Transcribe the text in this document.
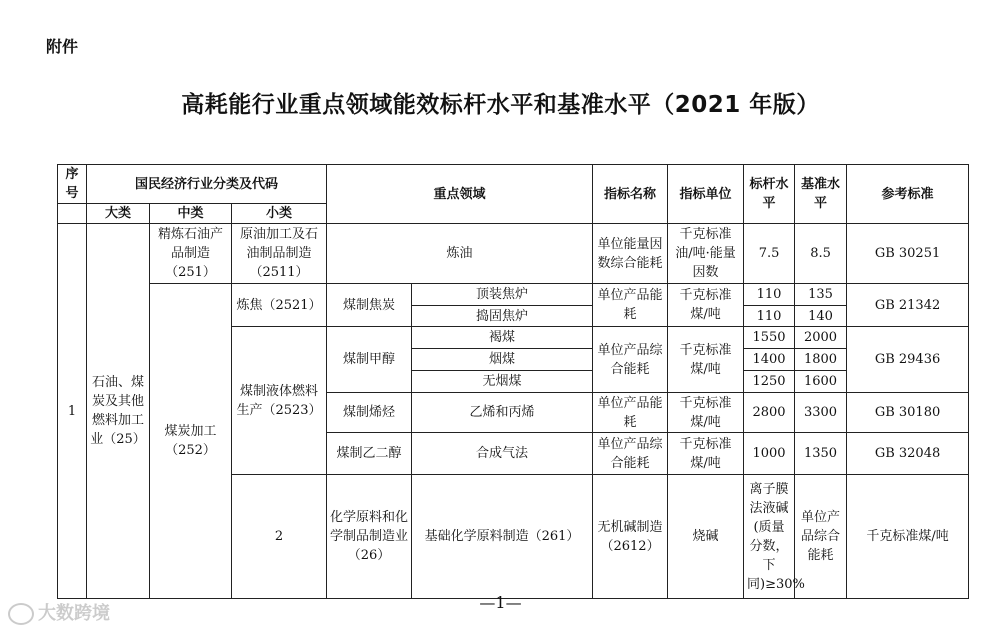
附件
高耗能行业重点领域能效标杆水平和基准水平（2021 年版）
序号	国民经济行业分类及代码			重点领域		指标名称	指标单位	标杆水平	基准水平	参考标准	
	大类	中类	小类								
1	石油、煤炭及其他燃料加工业（25）	精炼石油产品制造（251）	原油加工及石油制品制造（2511）	炼油		单位能量因数综合能耗	千克标准油/吨·能量因数	7.5	8.5	GB 30251	
		煤炭加工（252）	炼焦（2521）	煤制焦炭	顶装焦炉	单位产品能耗	千克标准煤/吨	110	135	GB 21342	
					捣固焦炉			110	140		
			煤制液体燃料生产（2523）	煤制甲醇	褐煤	单位产品综合能耗	千克标准煤/吨	1550	2000	GB 29436	
					烟煤			1400	1800		
					无烟煤			1250	1600		
				煤制烯烃	乙烯和丙烯	单位产品能耗	千克标准煤/吨	2800	3300	GB 30180	
				煤制乙二醇	合成气法	单位产品综合能耗	千克标准煤/吨	1000	1350	GB 32048	
			2	化学原料和化学制品制造业（26）	基础化学原料制造（261）	无机碱制造（2612）	烧碱	离子膜法液碱(质量分数，下同)≥30%	单位产品综合能耗	千克标准煤/吨			
—1—
大数跨境
